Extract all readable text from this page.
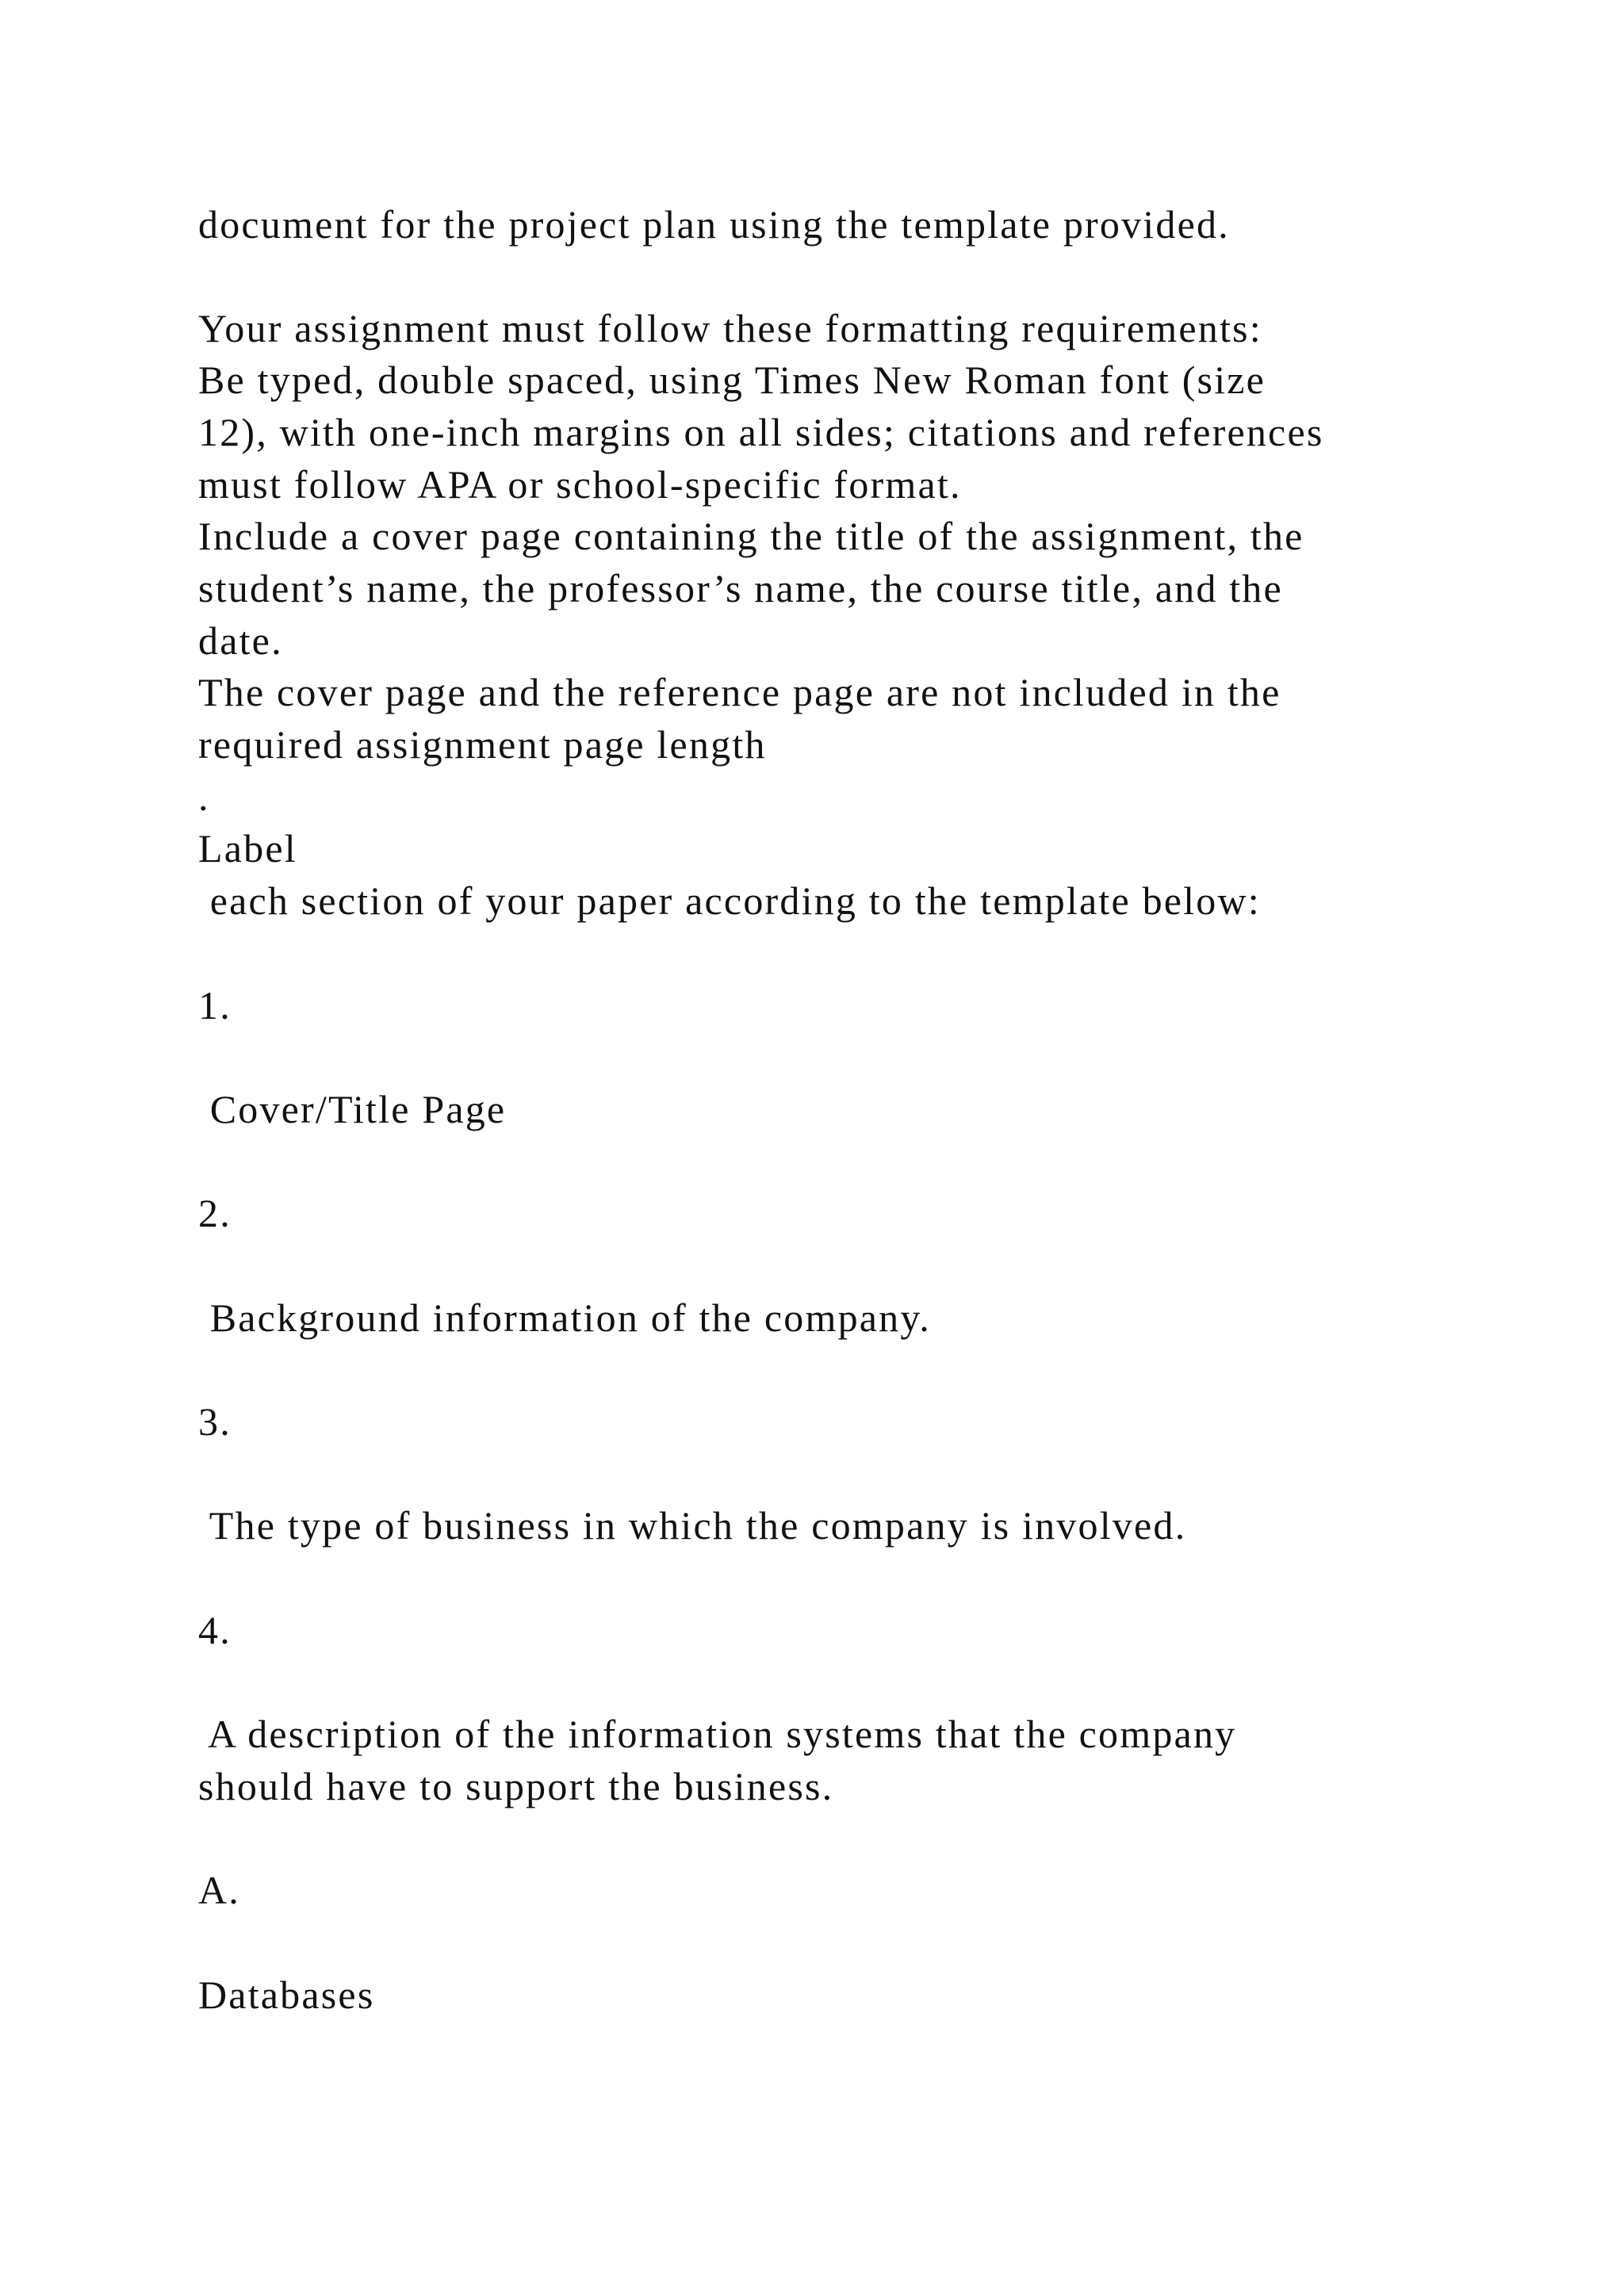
document for the project plan using the template provided.
Your assignment must follow these formatting requirements:
Be typed, double spaced, using Times New Roman font (size
12), with one-inch margins on all sides; citations and references
must follow APA or school-specific format.
Include a cover page containing the title of the assignment, the
student’s name, the professor’s name, the course title, and the
date.
The cover page and the reference page are not included in the
required assignment page length
.
Label
each section of your paper according to the template below:
1.
Cover/Title Page
2.
Background information of the company.
3.
The type of business in which the company is involved.
4.
A description of the information systems that the company
should have to support the business.
A.
Databases
